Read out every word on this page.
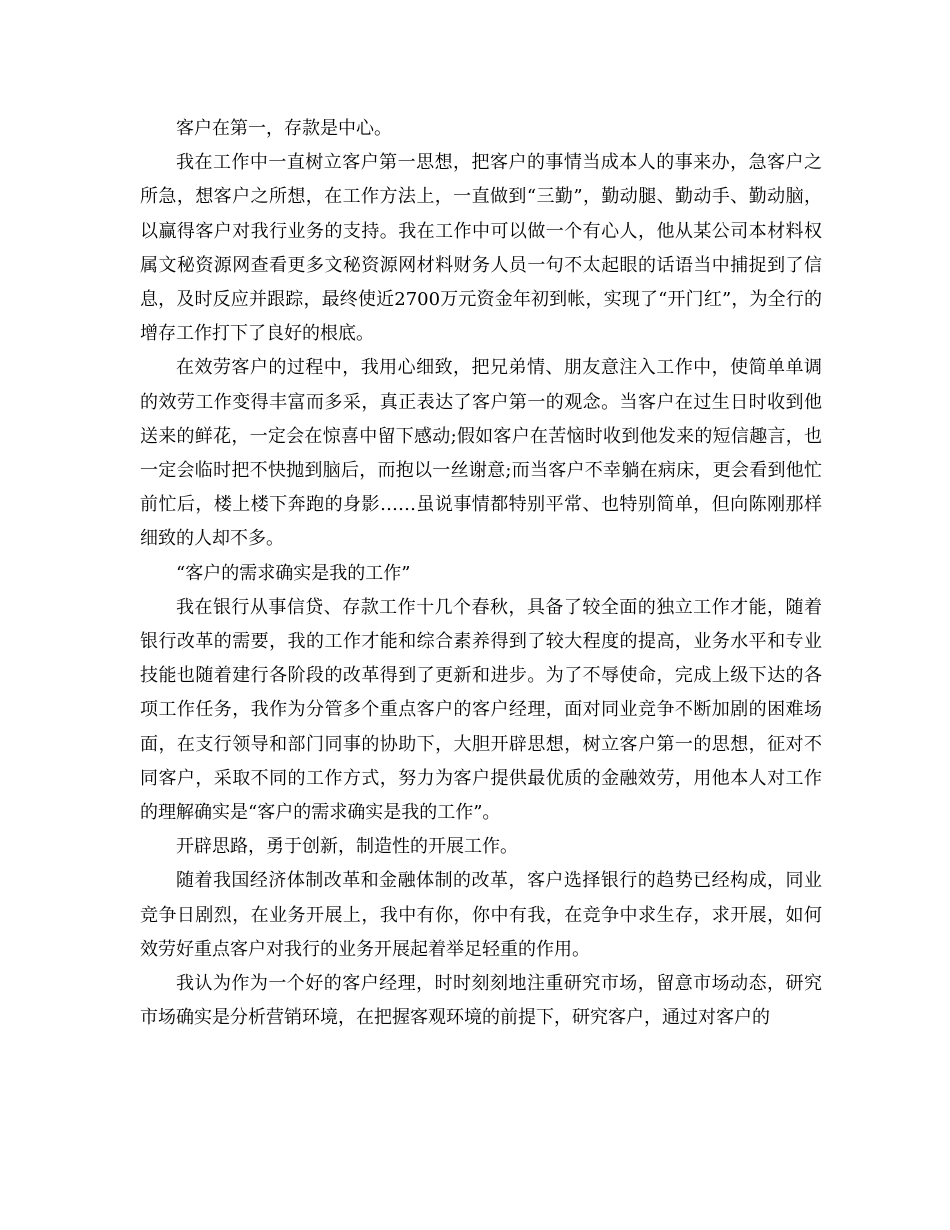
客户在第一，存款是中心。

我在工作中一直树立客户第一思想，把客户的事情当成本人的事来办，急客户之所急，想客户之所想，在工作方法上，一直做到“三勤”，勤动腿、勤动手、勤动脑，以赢得客户对我行业务的支持。我在工作中可以做一个有心人，他从某公司本材料权属文秘资源网查看更多文秘资源网材料财务人员一句不太起眼的话语当中捕捉到了信息，及时反应并跟踪，最终使近2700万元资金年初到帐，实现了“开门红”，为全行的增存工作打下了良好的根底。

在效劳客户的过程中，我用心细致，把兄弟情、朋友意注入工作中，使简单单调的效劳工作变得丰富而多采，真正表达了客户第一的观念。当客户在过生日时收到他送来的鲜花，一定会在惊喜中留下感动;假如客户在苦恼时收到他发来的短信趣言，也一定会临时把不快抛到脑后，而抱以一丝谢意;而当客户不幸躺在病床，更会看到他忙前忙后，楼上楼下奔跑的身影……虽说事情都特别平常、也特别简单，但向陈刚那样细致的人却不多。

“客户的需求确实是我的工作”

我在银行从事信贷、存款工作十几个春秋，具备了较全面的独立工作才能，随着银行改革的需要，我的工作才能和综合素养得到了较大程度的提高，业务水平和专业技能也随着建行各阶段的改革得到了更新和进步。为了不辱使命，完成上级下达的各项工作任务，我作为分管多个重点客户的客户经理，面对同业竞争不断加剧的困难场面，在支行领导和部门同事的协助下，大胆开辟思想，树立客户第一的思想，征对不同客户，采取不同的工作方式，努力为客户提供最优质的金融效劳，用他本人对工作的理解确实是“客户的需求确实是我的工作”。

开辟思路，勇于创新，制造性的开展工作。

随着我国经济体制改革和金融体制的改革，客户选择银行的趋势已经构成，同业竞争日剧烈，在业务开展上，我中有你，你中有我，在竞争中求生存，求开展，如何效劳好重点客户对我行的业务开展起着举足轻重的作用。

我认为作为一个好的客户经理，时时刻刻地注重研究市场，留意市场动态，研究市场确实是分析营销环境，在把握客观环境的前提下，研究客户，通过对客户的
